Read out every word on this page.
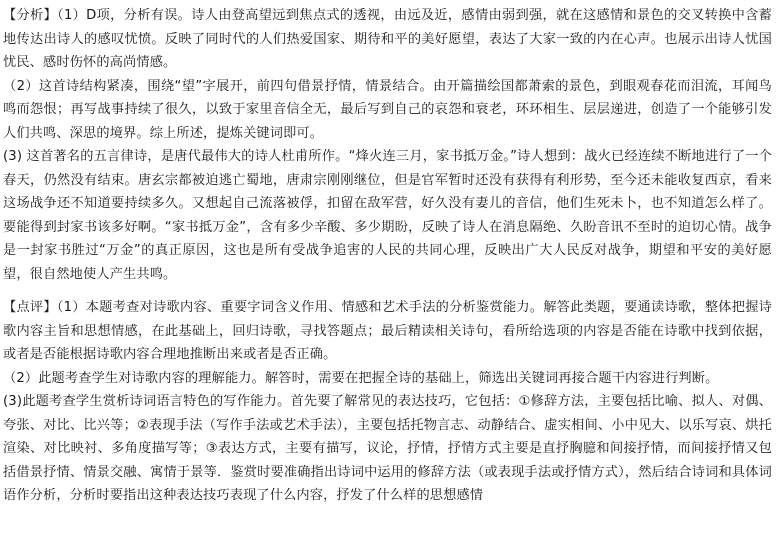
【分析】（1）D项，分析有误。诗人由登高望远到焦点式的透视，由远及近，感情由弱到强，就在这感情和景色的交叉转换中含蓄地传达出诗人的感叹忧愤。反映了同时代的人们热爱国家、期待和平的美好愿望，表达了大家一致的内在心声。也展示出诗人忧国忧民、感时伤怀的高尚情感。

（2）这首诗结构紧凑，围绕“望”字展开，前四句借景抒情，情景结合。由开篇描绘国都萧索的景色，到眼观春花而泪流，耳闻鸟鸣而怨恨；再写战事持续了很久，以致于家里音信全无，最后写到自己的哀怨和衰老，环环相生、层层递进，创造了一个能够引发人们共鸣、深思的境界。综上所述，提炼关键词即可。

(3) 这首著名的五言律诗，是唐代最伟大的诗人杜甫所作。“烽火连三月，家书抵万金。”诗人想到：战火已经连续不断地进行了一个春天，仍然没有结束。唐玄宗都被迫逃亡蜀地，唐肃宗刚刚继位，但是官军暂时还没有获得有利形势，至今还未能收复西京，看来这场战争还不知道要持续多久。又想起自己流落被俘，扣留在敌军营，好久没有妻儿的音信，他们生死未卜，也不知道怎么样了。要能得到封家书该多好啊。“家书抵万金”，含有多少辛酸、多少期盼，反映了诗人在消息隔绝、久盼音讯不至时的迫切心情。战争是一封家书胜过“万金”的真正原因，这也是所有受战争追害的人民的共同心理，反映出广大人民反对战争，期望和平安的美好愿望，很自然地使人产生共鸣。

【点评】（1）本题考查对诗歌内容、重要字词含义作用、情感和艺术手法的分析鉴赏能力。解答此类题，要通读诗歌，整体把握诗歌内容主旨和思想情感，在此基础上，回归诗歌，寻找答题点；最后精读相关诗句，看所给选项的内容是否能在诗歌中找到依据，或者是否能根据诗歌内容合理地推断出来或者是否正确。

（2）此题考查学生对诗歌内容的理解能力。解答时，需要在把握全诗的基础上，筛选出关键词再接合题干内容进行判断。

(3)此题考查学生赏析诗词语言特色的写作能力。首先要了解常见的表达技巧，它包括：①修辞方法，主要包括比喻、拟人、对偶、夸张、对比、比兴等；②表现手法（写作手法或艺术手法），主要包括托物言志、动静结合、虚实相间、小中见大、以乐写哀、烘托渲染、对比映衬、多角度描写等；③表达方式，主要有描写，议论，抒情，抒情方式主要是直抒胸臆和间接抒情，而间接抒情又包括借景抒情、情景交融、寓情于景等．鉴赏时要准确指出诗词中运用的修辞方法（或表现手法或抒情方式），然后结合诗词和具体词语作分析，分析时要指出这种表达技巧表现了什么内容，抒发了什么样的思想感情
